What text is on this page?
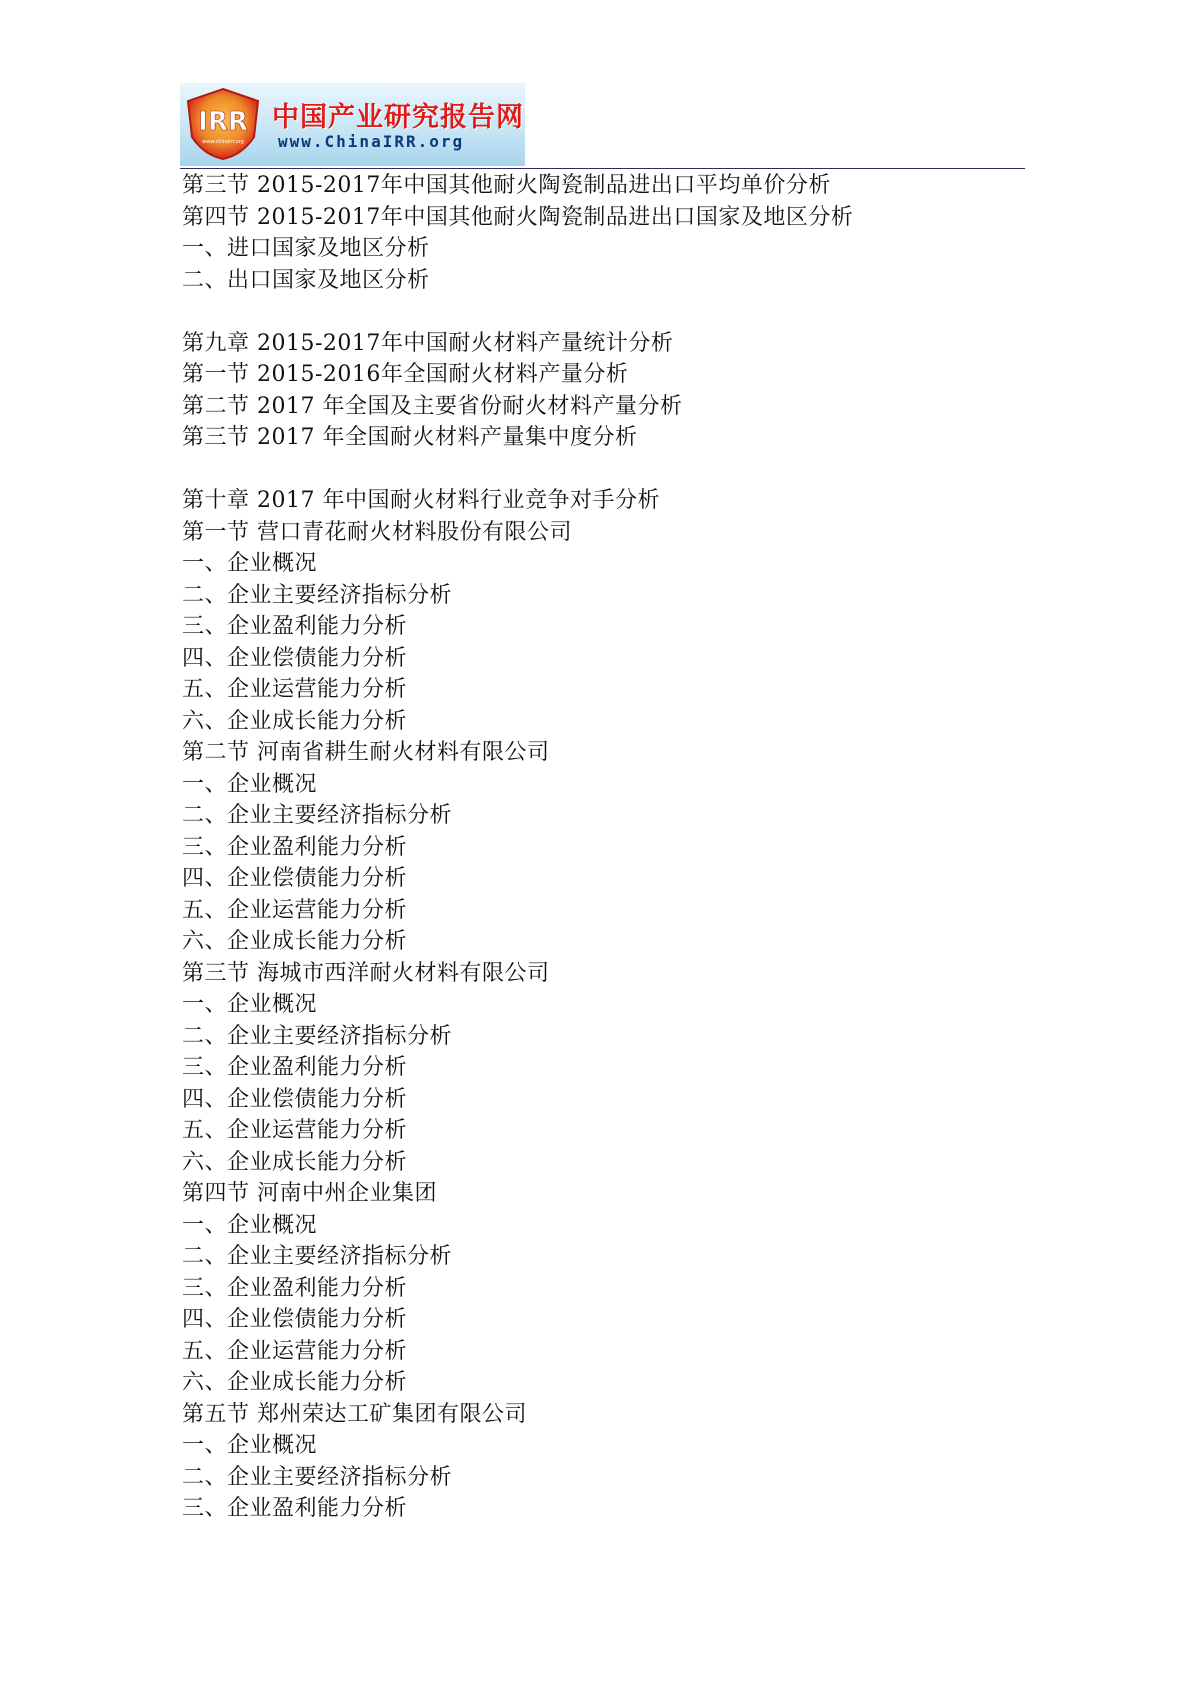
IRR
www.chinairr.org
中国产业研究报告网
www.ChinaIRR.org
第三节 2015-2017年中国其他耐火陶瓷制品进出口平均单价分析
第四节 2015-2017年中国其他耐火陶瓷制品进出口国家及地区分析
一、进口国家及地区分析
二、出口国家及地区分析
第九章 2015-2017年中国耐火材料产量统计分析
第一节 2015-2016年全国耐火材料产量分析
第二节 2017 年全国及主要省份耐火材料产量分析
第三节 2017 年全国耐火材料产量集中度分析
第十章 2017 年中国耐火材料行业竞争对手分析
第一节 营口青花耐火材料股份有限公司
一、企业概况
二、企业主要经济指标分析
三、企业盈利能力分析
四、企业偿债能力分析
五、企业运营能力分析
六、企业成长能力分析
第二节 河南省耕生耐火材料有限公司
一、企业概况
二、企业主要经济指标分析
三、企业盈利能力分析
四、企业偿债能力分析
五、企业运营能力分析
六、企业成长能力分析
第三节 海城市西洋耐火材料有限公司
一、企业概况
二、企业主要经济指标分析
三、企业盈利能力分析
四、企业偿债能力分析
五、企业运营能力分析
六、企业成长能力分析
第四节 河南中州企业集团
一、企业概况
二、企业主要经济指标分析
三、企业盈利能力分析
四、企业偿债能力分析
五、企业运营能力分析
六、企业成长能力分析
第五节 郑州荣达工矿集团有限公司
一、企业概况
二、企业主要经济指标分析
三、企业盈利能力分析
